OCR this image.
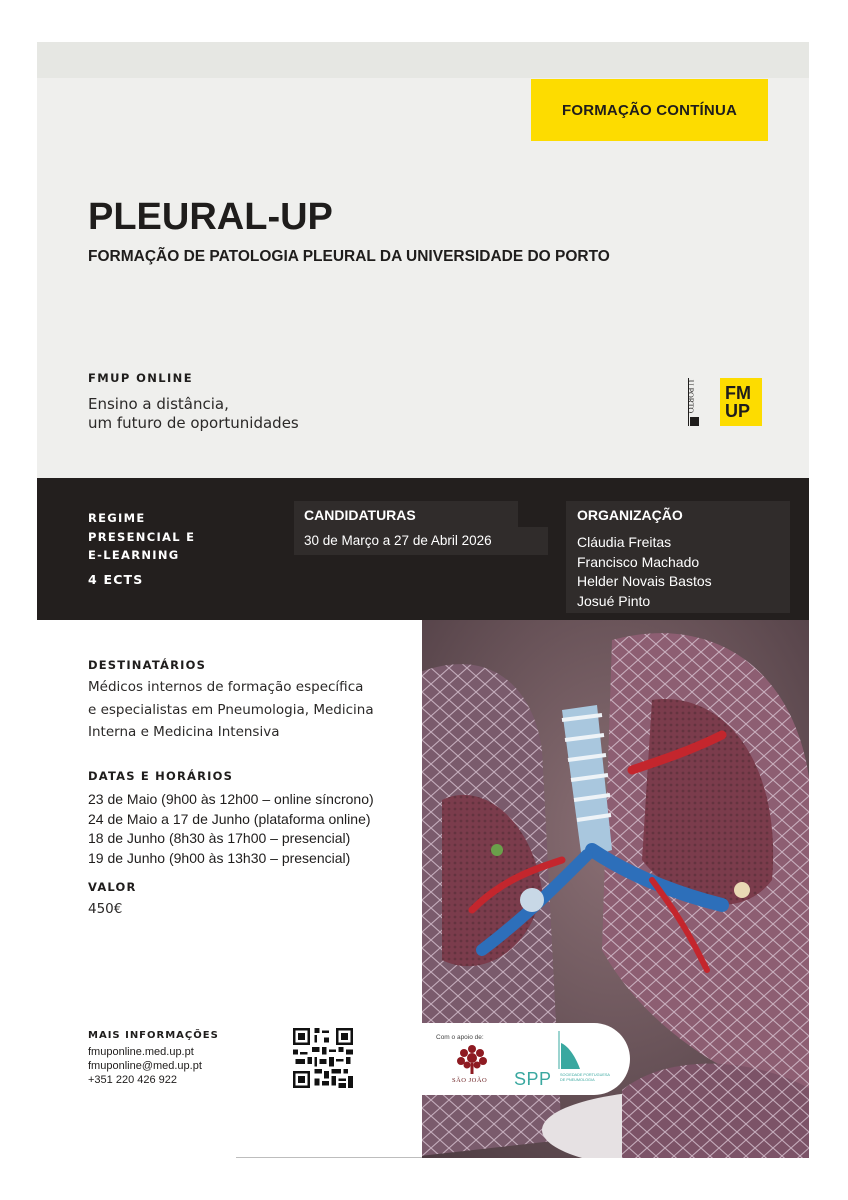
FORMAÇÃO CONTÍNUA
PLEURAL-UP
FORMAÇÃO DE PATOLOGIA PLEURAL DA UNIVERSIDADE DO PORTO
FMUP ONLINE
Ensino a distância,
um futuro de oportunidades
U.PORTO FM
UP
REGIME
PRESENCIAL E
E-LEARNING
4 ECTS
CANDIDATURAS
30 de Março a 27 de Abril 2026
ORGANIZAÇÃO
Cláudia Freitas
Francisco Machado
Helder Novais Bastos
Josué Pinto
DESTINATÁRIOS
Médicos internos de formação específica
e especialistas em Pneumologia, Medicina
Interna e Medicina Intensiva
DATAS E HORÁRIOS
23 de Maio (9h00 às 12h00 – online síncrono)
24 de Maio a 17 de Junho (plataforma online)
18 de Junho (8h30 às 17h00 – presencial)
19 de Junho (9h00 às 13h30 – presencial)
VALOR
450€
MAIS INFORMAÇÕES
fmuponline.med.up.pt
fmuponline@med.up.pt
+351 220 426 922
Com o apoio de:
SÃO JOÃO SPP SOCIEDADE PORTUGUESA DE PNEUMOLOGIA
